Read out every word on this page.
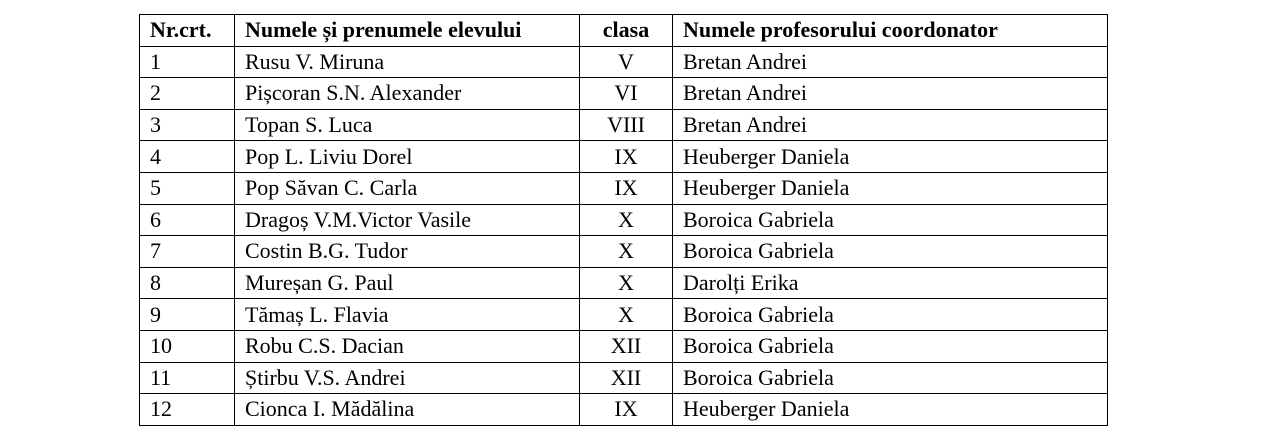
Nr.crt.	Numele și prenumele elevului	clasa	Numele profesorului coordonator
1	Rusu V. Miruna	V	Bretan Andrei
2	Pișcoran S.N. Alexander	VI	Bretan Andrei
3	Topan S. Luca	VIII	Bretan Andrei
4	Pop L. Liviu Dorel	IX	Heuberger Daniela
5	Pop Săvan C. Carla	IX	Heuberger Daniela
6	Dragoș V.M.Victor Vasile	X	Boroica Gabriela
7	Costin B.G. Tudor	X	Boroica Gabriela
8	Mureșan G. Paul	X	Darolți Erika
9	Tămaș L. Flavia	X	Boroica Gabriela
10	Robu C.S. Dacian	XII	Boroica Gabriela
11	Știrbu V.S. Andrei	XII	Boroica Gabriela
12	Cionca I. Mădălina	IX	Heuberger Daniela
